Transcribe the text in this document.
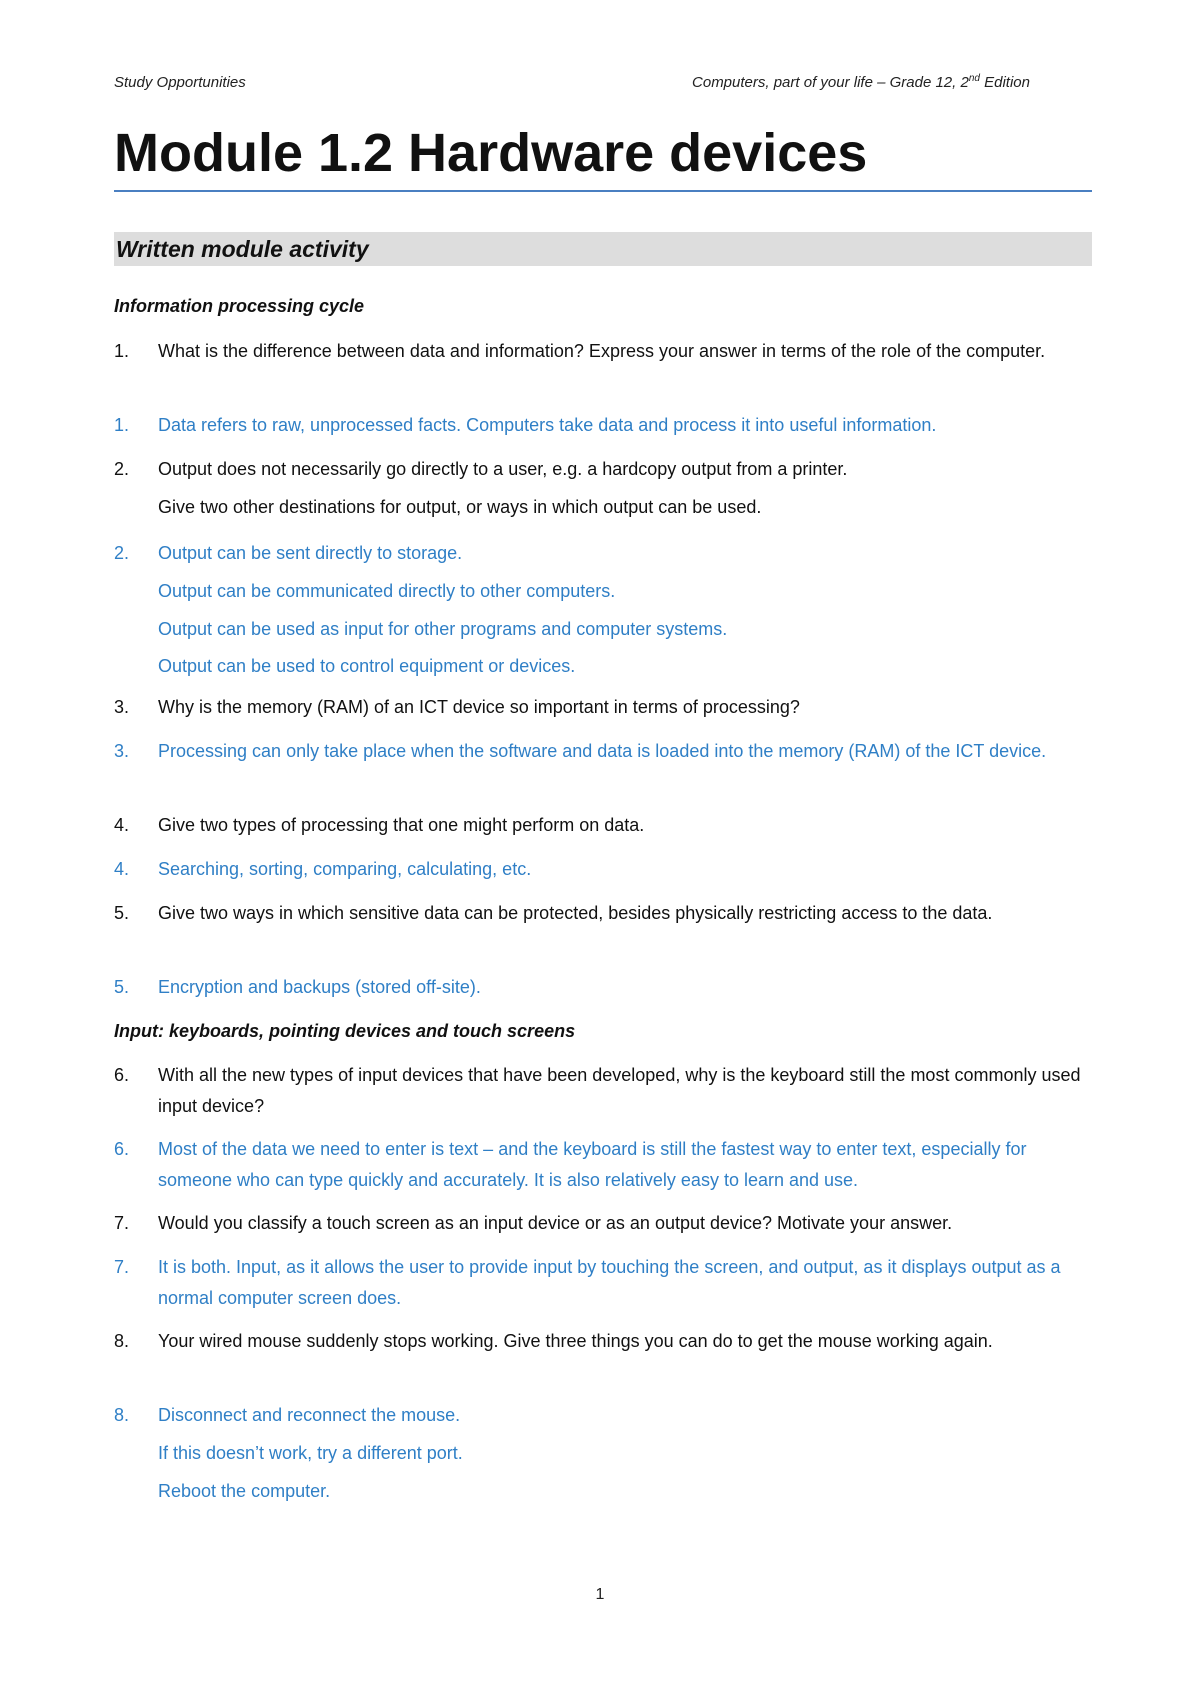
Study Opportunities	Computers, part of your life – Grade 12, 2nd Edition
Module 1.2 Hardware devices
Written module activity
Information processing cycle
1. What is the difference between data and information? Express your answer in terms of the role of the computer.
1. Data refers to raw, unprocessed facts. Computers take data and process it into useful information.
2. Output does not necessarily go directly to a user, e.g. a hardcopy output from a printer.
Give two other destinations for output, or ways in which output can be used.
2. Output can be sent directly to storage.
Output can be communicated directly to other computers.
Output can be used as input for other programs and computer systems.
Output can be used to control equipment or devices.
3. Why is the memory (RAM) of an ICT device so important in terms of processing?
3. Processing can only take place when the software and data is loaded into the memory (RAM) of the ICT device.
4. Give two types of processing that one might perform on data.
4. Searching, sorting, comparing, calculating, etc.
5. Give two ways in which sensitive data can be protected, besides physically restricting access to the data.
5. Encryption and backups (stored off-site).
Input: keyboards, pointing devices and touch screens
6. With all the new types of input devices that have been developed, why is the keyboard still the most commonly used input device?
6. Most of the data we need to enter is text – and the keyboard is still the fastest way to enter text, especially for someone who can type quickly and accurately. It is also relatively easy to learn and use.
7. Would you classify a touch screen as an input device or as an output device? Motivate your answer.
7. It is both. Input, as it allows the user to provide input by touching the screen, and output, as it displays output as a normal computer screen does.
8. Your wired mouse suddenly stops working. Give three things you can do to get the mouse working again.
8. Disconnect and reconnect the mouse.
If this doesn’t work, try a different port.
Reboot the computer.
1
